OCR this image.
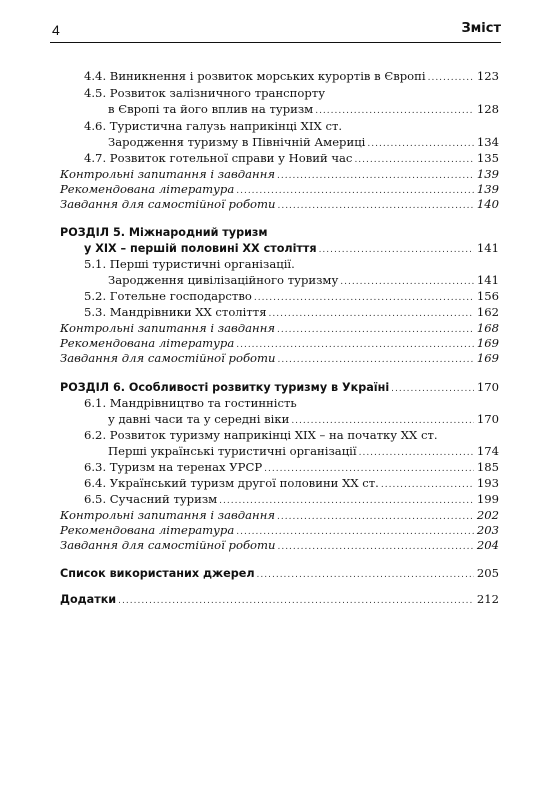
4	Зміст
4.4. Виникнення і розвиток морських курортів в Європі .....	123
4.5. Розвиток залізничного транспорту
в Європі та його вплив на туризм .....	128
4.6. Туристична галузь наприкінці ХІХ ст.
Зародження туризму в Північній Америці .....	134
4.7. Розвиток готельної справи у Новий час .....	135
Контрольні запитання і завдання .....	139
Рекомендована література .....	139
Завдання для самостійної роботи .....	140
РОЗДІЛ 5. Міжнародний туризм
у ХІХ – першій половині ХХ століття .....	141
5.1. Перші туристичні організації.
Зародження цивілізаційного туризму .....	141
5.2. Готельне господарство .....	156
5.3. Мандрівники ХХ століття .....	162
Контрольні запитання і завдання .....	168
Рекомендована література .....	169
Завдання для самостійної роботи .....	169
РОЗДІЛ 6. Особливості розвитку туризму в Україні .....	170
6.1. Мандрівництво та гостинність
у давні часи та у середні віки .....	170
6.2. Розвиток туризму наприкінці ХІХ – на початку ХХ ст.
Перші українські туристичні організації .....	174
6.3. Туризм на теренах УРСР .....	185
6.4. Український туризм другої половини ХХ ст. .....	193
6.5. Сучасний туризм .....	199
Контрольні запитання і завдання .....	202
Рекомендована література .....	203
Завдання для самостійної роботи .....	204
Список використаних джерел .....	205
Додатки .....	212
